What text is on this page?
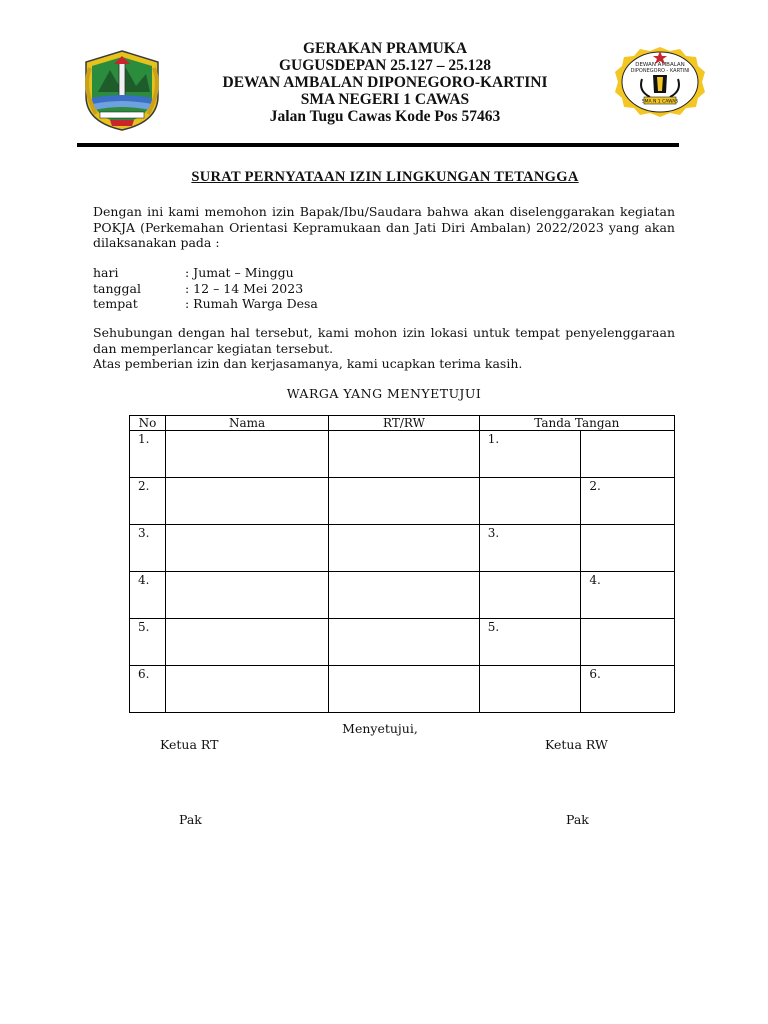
GERAKAN PRAMUKA
GUGUSDEPAN 25.127 – 25.128
DEWAN AMBALAN DIPONEGORO-KARTINI
SMA NEGERI 1 CAWAS
Jalan Tugu Cawas Kode Pos 57463
DEWAN AMBALAN
DIPONEGORO - KARTINI
SMA N 1 CAWAS
SURAT PERNYATAAN IZIN LINGKUNGAN TETANGGA
Dengan ini kami memohon izin Bapak/Ibu/Saudara bahwa akan diselenggarakan kegiatan POKJA (Perkemahan Orientasi Kepramukaan dan Jati Diri Ambalan) 2022/2023 yang akan dilaksanakan pada :
hari	: Jumat – Minggu
tanggal	: 12 – 14 Mei 2023
tempat	: Rumah Warga Desa
Sehubungan dengan hal tersebut, kami mohon izin lokasi untuk tempat penyelenggaraan dan memperlancar kegiatan tersebut.
Atas pemberian izin dan kerjasamanya, kami ucapkan terima kasih.
WARGA YANG MENYETUJUI
No	Nama	RT/RW	Tanda Tangan	
1.			1.	
2.				2.
3.			3.	
4.				4.
5.			5.	
6.				6.
Menyetujui,
Ketua RT	Ketua RW
Pak	Pak
